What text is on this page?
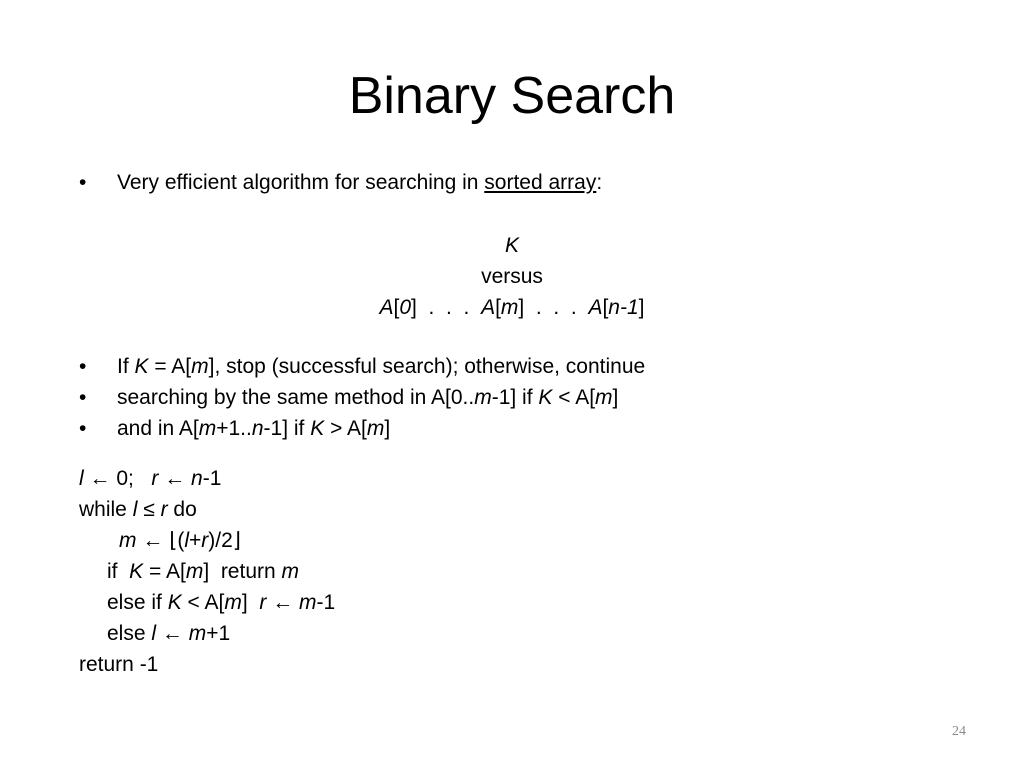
Binary Search
• Very efficient algorithm for searching in sorted array:
K
versus
A[0]  .  .  .  A[m]  .  .  .  A[n-1]
• If K = A[m], stop (successful search); otherwise, continue
• searching by the same method in A[0..m-1] if K < A[m]
• and in A[m+1..n-1] if K > A[m]
l ← 0;   r ← n-1
while l ≤ r do
m ← ⌊(l+r)/2⌋
if  K = A[m]  return m
else if K < A[m]  r ← m-1
else l ← m+1
return -1
24
